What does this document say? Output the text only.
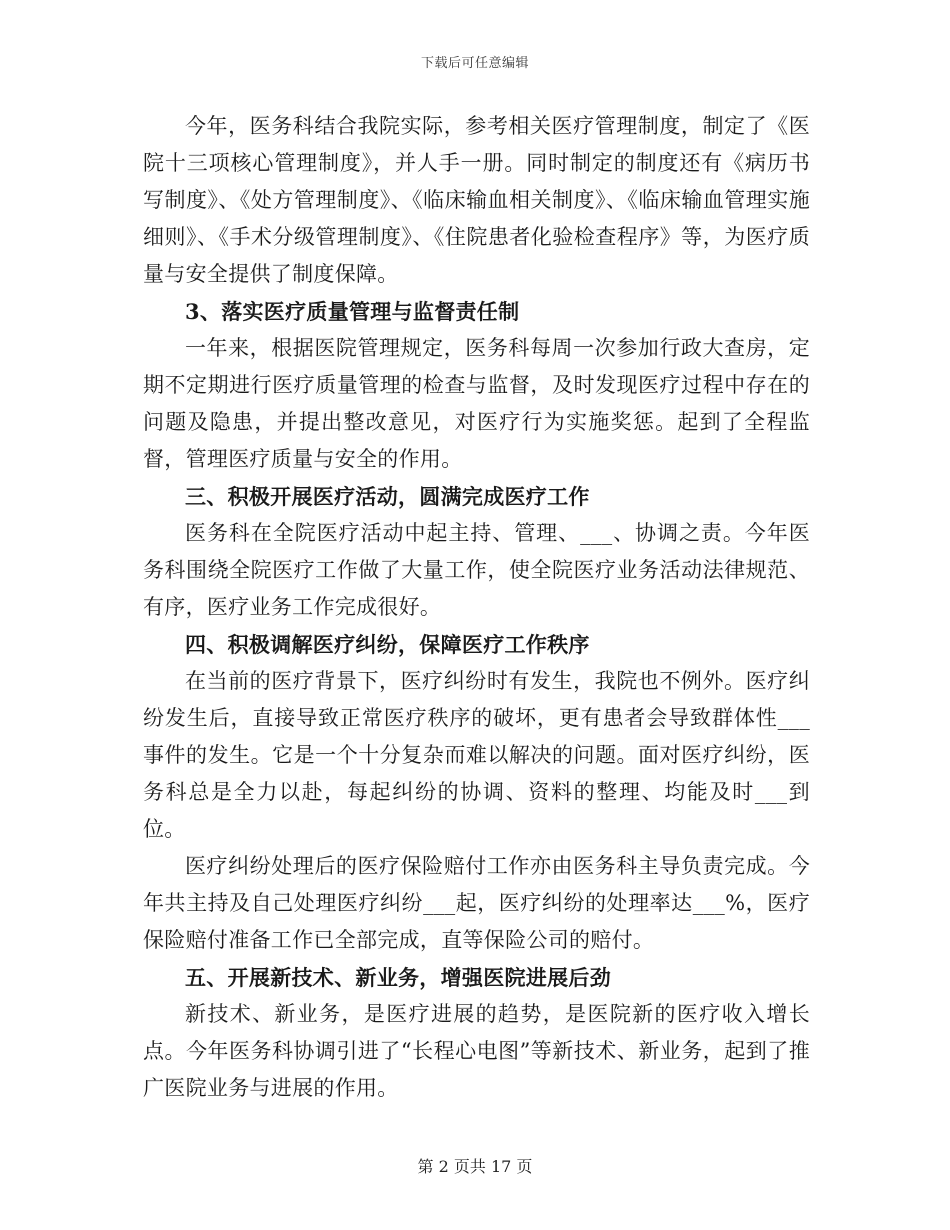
下载后可任意编辑

今年，医务科结合我院实际，参考相关医疗管理制度，制定了《医院十三项核心管理制度》，并人手一册。同时制定的制度还有《病历书写制度》、《处方管理制度》、《临床输血相关制度》、《临床输血管理实施细则》、《手术分级管理制度》、《住院患者化验检查程序》等，为医疗质量与安全提供了制度保障。

3、落实医疗质量管理与监督责任制

一年来，根据医院管理规定，医务科每周一次参加行政大查房，定期不定期进行医疗质量管理的检查与监督，及时发现医疗过程中存在的问题及隐患，并提出整改意见，对医疗行为实施奖惩。起到了全程监督，管理医疗质量与安全的作用。

三、积极开展医疗活动，圆满完成医疗工作

医务科在全院医疗活动中起主持、管理、___、协调之责。今年医务科围绕全院医疗工作做了大量工作，使全院医疗业务活动法律规范、有序，医疗业务工作完成很好。

四、积极调解医疗纠纷，保障医疗工作秩序

在当前的医疗背景下，医疗纠纷时有发生，我院也不例外。医疗纠纷发生后，直接导致正常医疗秩序的破坏，更有患者会导致群体性___事件的发生。它是一个十分复杂而难以解决的问题。面对医疗纠纷，医务科总是全力以赴，每起纠纷的协调、资料的整理、均能及时___到位。

医疗纠纷处理后的医疗保险赔付工作亦由医务科主导负责完成。今年共主持及自己处理医疗纠纷___起，医疗纠纷的处理率达___%，医疗保险赔付准备工作已全部完成，直等保险公司的赔付。

五、开展新技术、新业务，增强医院进展后劲

新技术、新业务，是医疗进展的趋势，是医院新的医疗收入增长点。今年医务科协调引进了“长程心电图”等新技术、新业务，起到了推广医院业务与进展的作用。

第 2 页共 17 页
